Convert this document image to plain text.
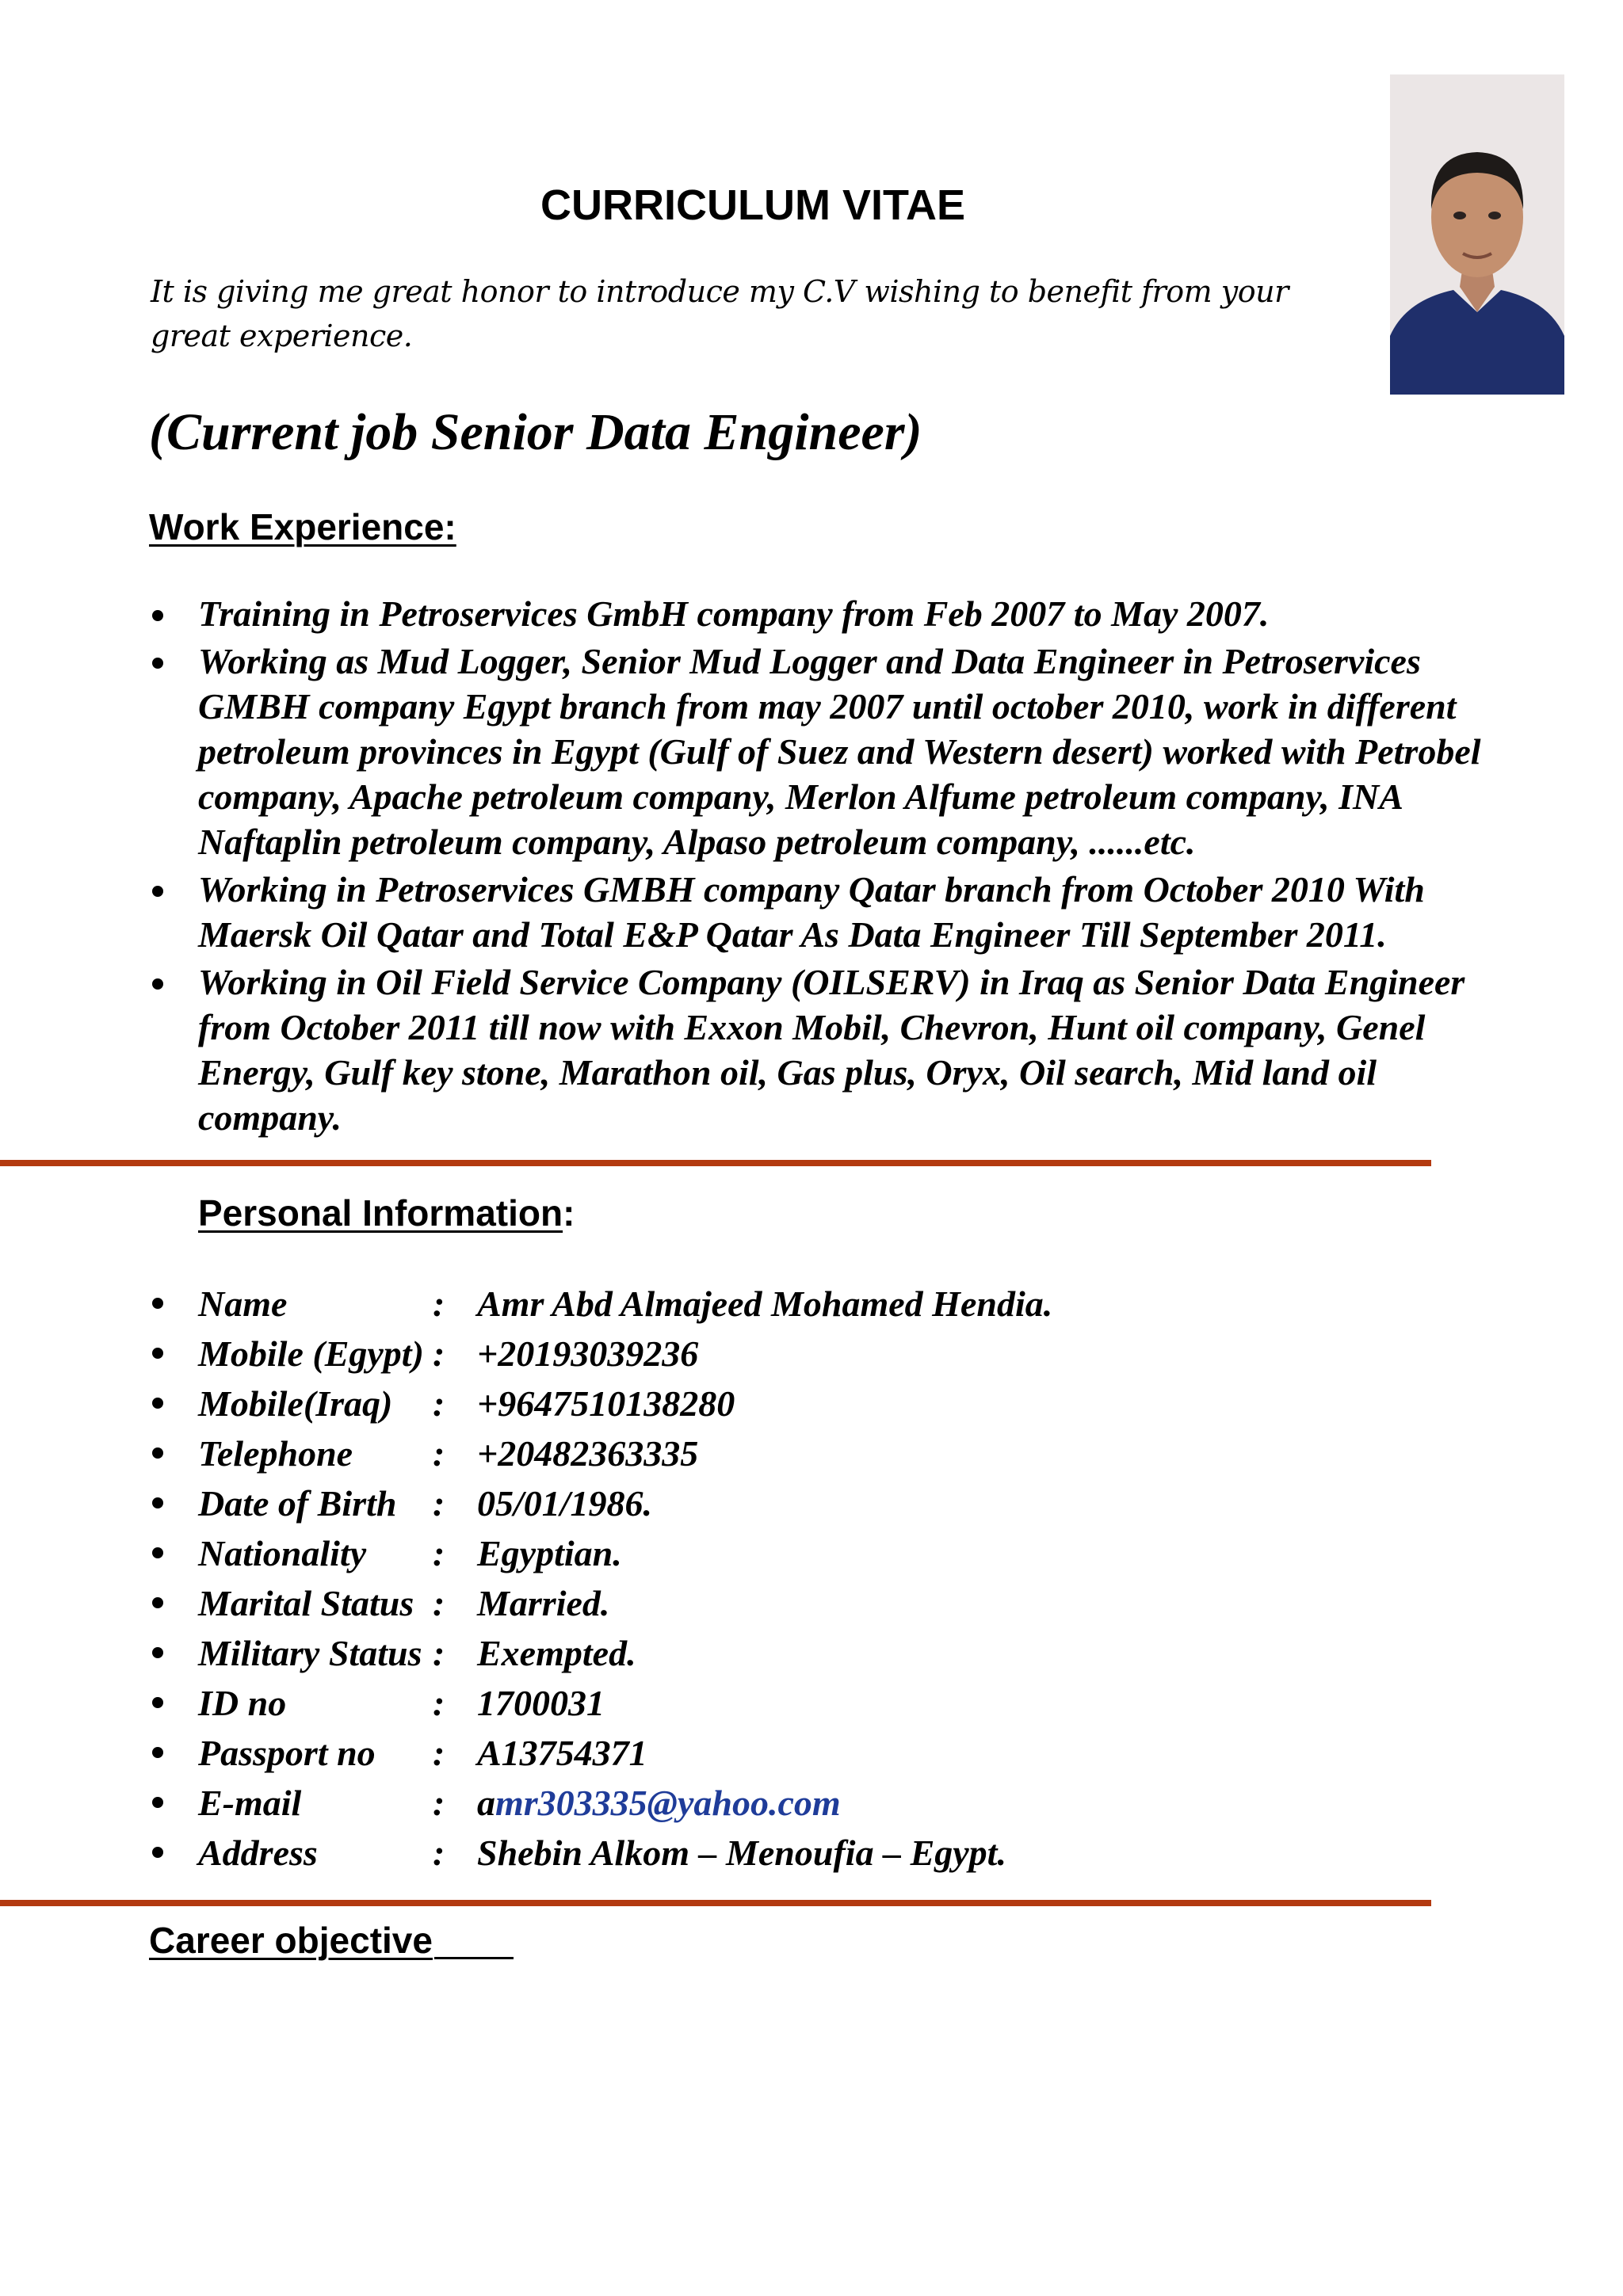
CURRICULUM VITAE
It is giving me great honor to introduce my C.V wishing to benefit from your great experience.
(Current job Senior Data Engineer)
Work Experience:
Training in Petroservices GmbH company from Feb 2007 to May 2007.
Working as Mud Logger, Senior Mud Logger and Data Engineer in Petroservices GMBH company Egypt branch from may 2007 until october 2010, work in different petroleum provinces in Egypt (Gulf of Suez and Western desert) worked with Petrobel company, Apache petroleum company, Merlon Alfume petroleum company, INA Naftaplin petroleum company, Alpaso petroleum company, ......etc.
Working in Petroservices GMBH company Qatar branch from October 2010 With Maersk Oil Qatar and Total E&P Qatar As Data Engineer Till September 2011.
Working in Oil Field Service Company (OILSERV) in Iraq as Senior Data Engineer from October 2011 till now with Exxon Mobil, Chevron, Hunt oil company, Genel Energy, Gulf key stone, Marathon oil, Gas plus, Oryx, Oil search, Mid land oil company.
Personal Information:
Name	: Amr Abd Almajeed Mohamed Hendia.
Mobile (Egypt) : +20193039236
Mobile(Iraq) : +9647510138280
Telephone : +20482363335
Date of Birth : 05/01/1986.
Nationality : Egyptian.
Marital Status : Married.
Military Status : Exempted.
ID no	: 1700031
Passport no : A13754371
E-mail	: amr303335@yahoo.com
Address	: Shebin Alkom – Menoufia – Egypt.
Career objective
